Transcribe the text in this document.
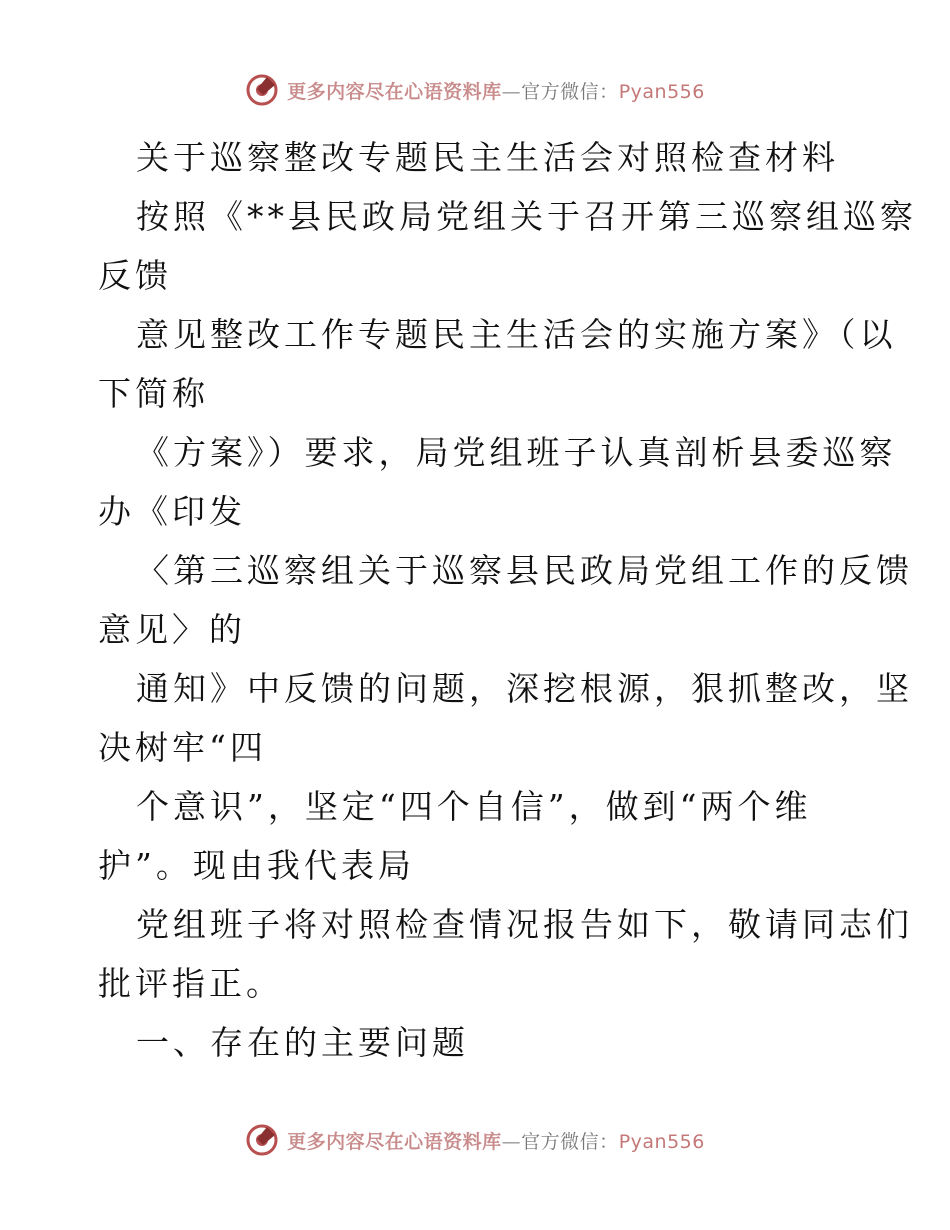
更多内容尽在心语资料库—官方微信：Pyan556
关于巡察整改专题民主生活会对照检查材料
按照《**县民政局党组关于召开第三巡察组巡察
反馈
意见整改工作专题民主生活会的实施方案》（以
下简称
《方案》）要求，局党组班子认真剖析县委巡察
办《印发
〈第三巡察组关于巡察县民政局党组工作的反馈
意见〉的
通知》中反馈的问题，深挖根源，狠抓整改，坚
决树牢“四
个意识”，坚定“四个自信”，做到“两个维
护”。现由我代表局
党组班子将对照检查情况报告如下，敬请同志们
批评指正。
一、存在的主要问题
更多内容尽在心语资料库—官方微信：Pyan556
